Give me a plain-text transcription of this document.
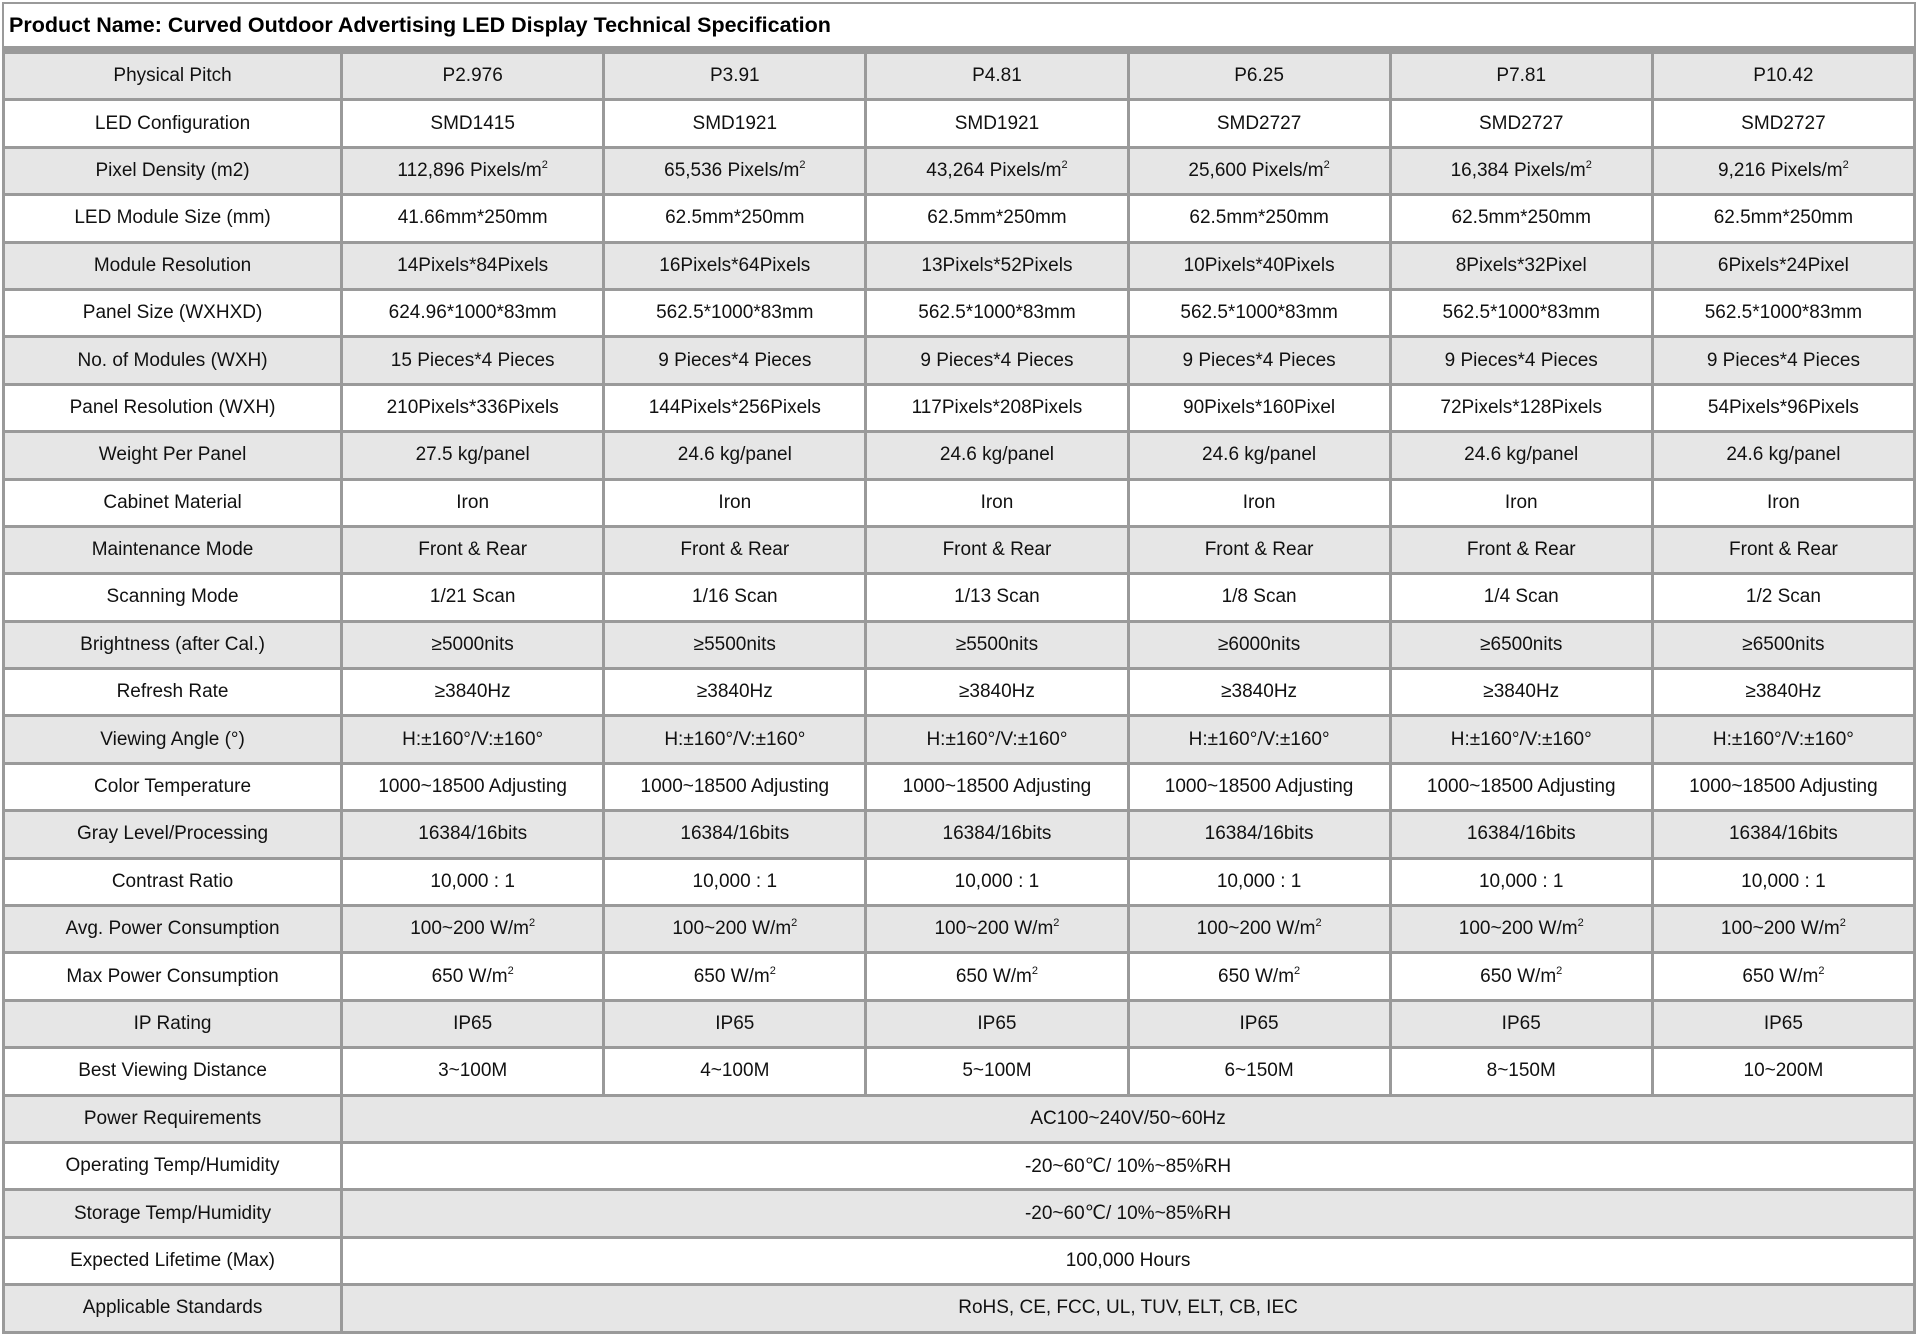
Product Name: Curved Outdoor Advertising LED Display Technical Specification
Physical Pitch	P2.976	P3.91	P4.81	P6.25	P7.81	P10.42
LED Configuration	SMD1415	SMD1921	SMD1921	SMD2727	SMD2727	SMD2727
Pixel Density (m2)	112,896 Pixels/$m^2$	65,536 Pixels/$m^2$	43,264 Pixels/$m^2$	25,600 Pixels/$m^2$	16,384 Pixels/$m^2$	9,216 Pixels/$m^2$
LED Module Size (mm)	41.66mm*250mm	62.5mm*250mm	62.5mm*250mm	62.5mm*250mm	62.5mm*250mm	62.5mm*250mm
Module Resolution	14Pixels*84Pixels	16Pixels*64Pixels	13Pixels*52Pixels	10Pixels*40Pixels	8Pixels*32Pixel	6Pixels*24Pixel
Panel Size (WXHXD)	624.96*1000*83mm	562.5*1000*83mm	562.5*1000*83mm	562.5*1000*83mm	562.5*1000*83mm	562.5*1000*83mm
No. of Modules (WXH)	15 Pieces*4 Pieces	9 Pieces*4 Pieces	9 Pieces*4 Pieces	9 Pieces*4 Pieces	9 Pieces*4 Pieces	9 Pieces*4 Pieces
Panel Resolution (WXH)	210Pixels*336Pixels	144Pixels*256Pixels	117Pixels*208Pixels	90Pixels*160Pixel	72Pixels*128Pixels	54Pixels*96Pixels
Weight Per Panel	27.5 kg/panel	24.6 kg/panel	24.6 kg/panel	24.6 kg/panel	24.6 kg/panel	24.6 kg/panel
Cabinet Material	Iron	Iron	Iron	Iron	Iron	Iron
Maintenance Mode	Front & Rear	Front & Rear	Front & Rear	Front & Rear	Front & Rear	Front & Rear
Scanning Mode	1/21 Scan	1/16 Scan	1/13 Scan	1/8 Scan	1/4 Scan	1/2 Scan
Brightness (after Cal.)	≥5000nits	≥5500nits	≥5500nits	≥6000nits	≥6500nits	≥6500nits
Refresh Rate	≥3840Hz	≥3840Hz	≥3840Hz	≥3840Hz	≥3840Hz	≥3840Hz
Viewing Angle (°)	H:±160°/V:±160°	H:±160°/V:±160°	H:±160°/V:±160°	H:±160°/V:±160°	H:±160°/V:±160°	H:±160°/V:±160°
Color Temperature	1000~18500 Adjusting	1000~18500 Adjusting	1000~18500 Adjusting	1000~18500 Adjusting	1000~18500 Adjusting	1000~18500 Adjusting
Gray Level/Processing	16384/16bits	16384/16bits	16384/16bits	16384/16bits	16384/16bits	16384/16bits
Contrast Ratio	10,000 : 1	10,000 : 1	10,000 : 1	10,000 : 1	10,000 : 1	10,000 : 1
Avg. Power Consumption	100~200 $W/m^2$	100~200 $W/m^2$	100~200 $W/m^2$	100~200 $W/m^2$	100~200 $W/m^2$	100~200 $W/m^2$
Max Power Consumption	650 $W/m^2$	650 $W/m^2$	650 $W/m^2$	650 $W/m^2$	650 $W/m^2$	650 $W/m^2$
IP Rating	IP65	IP65	IP65	IP65	IP65	IP65
Best Viewing Distance	3~100M	4~100M	5~100M	6~150M	8~150M	10~200M
Power Requirements	AC100~240V/50~60Hz					
Operating Temp/Humidity	-20~60℃/ 10%~85%RH					
Storage Temp/Humidity	-20~60℃/ 10%~85%RH					
Expected Lifetime (Max)	100,000 Hours					
Applicable Standards	RoHS, CE, FCC, UL, TUV, ELT, CB, IEC					
